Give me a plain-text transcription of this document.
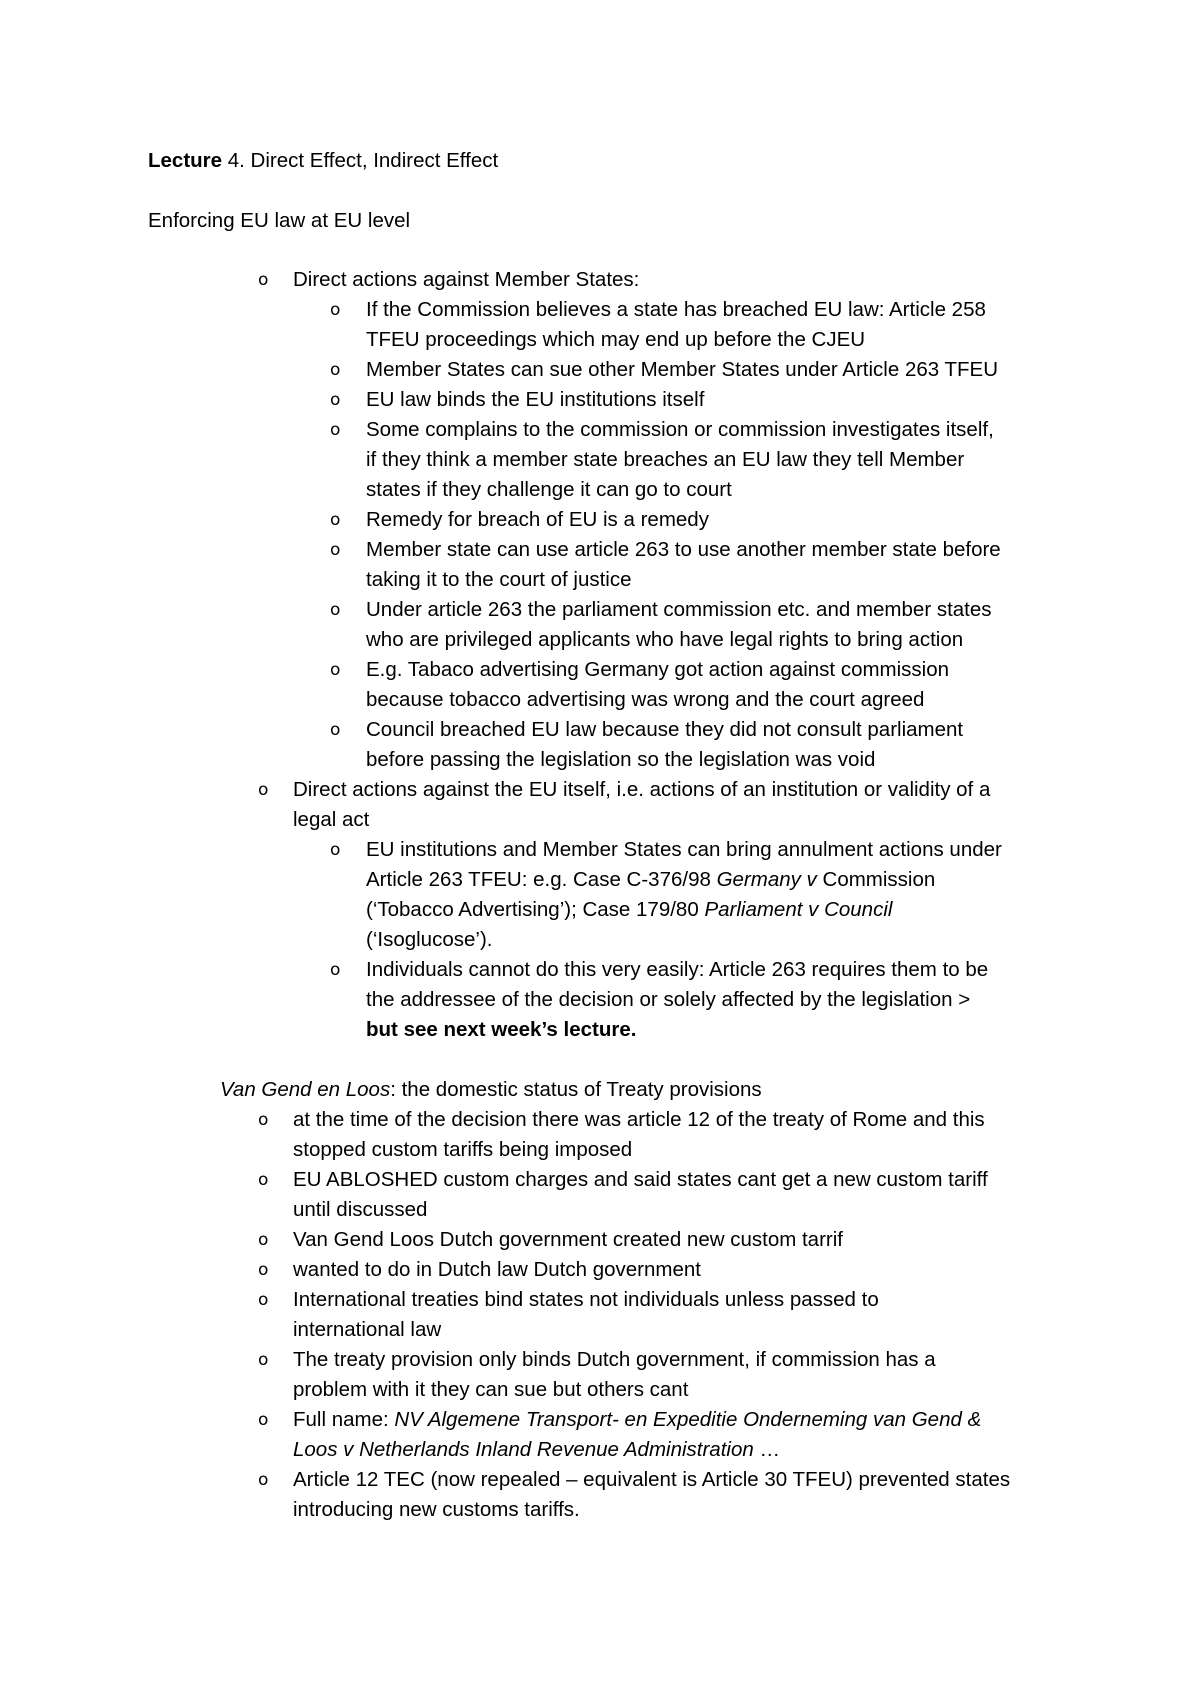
Lecture 4. Direct Effect, Indirect Effect
Enforcing EU law at EU level
o Direct actions against Member States:
o If the Commission believes a state has breached EU law: Article 258
TFEU proceedings which may end up before the CJEU
o Member States can sue other Member States under Article 263 TFEU
o EU law binds the EU institutions itself
o Some complains to the commission or commission investigates itself,
if they think a member state breaches an EU law they tell Member
states if they challenge it can go to court
o Remedy for breach of EU is a remedy
o Member state can use article 263 to use another member state before
taking it to the court of justice
o Under article 263 the parliament commission etc. and member states
who are privileged applicants who have legal rights to bring action
o E.g. Tabaco advertising Germany got action against commission
because tobacco advertising was wrong and the court agreed
o Council breached EU law because they did not consult parliament
before passing the legislation so the legislation was void
o Direct actions against the EU itself, i.e. actions of an institution or validity of a
legal act
o EU institutions and Member States can bring annulment actions under
Article 263 TFEU: e.g. Case C-376/98 Germany v Commission
(‘Tobacco Advertising’); Case 179/80 Parliament v Council
(‘Isoglucose’).
o Individuals cannot do this very easily: Article 263 requires them to be
the addressee of the decision or solely affected by the legislation >
but see next week’s lecture.
Van Gend en Loos: the domestic status of Treaty provisions
o at the time of the decision there was article 12 of the treaty of Rome and this
stopped custom tariffs being imposed
o EU ABLOSHED custom charges and said states cant get a new custom tariff
until discussed
o Van Gend Loos Dutch government created new custom tarrif
o wanted to do in Dutch law Dutch government
o International treaties bind states not individuals unless passed to
international law
o The treaty provision only binds Dutch government, if commission has a
problem with it they can sue but others cant
o Full name: NV Algemene Transport- en Expeditie Onderneming van Gend &
Loos v Netherlands Inland Revenue Administration …
o Article 12 TEC (now repealed – equivalent is Article 30 TFEU) prevented states
introducing new customs tariffs.
